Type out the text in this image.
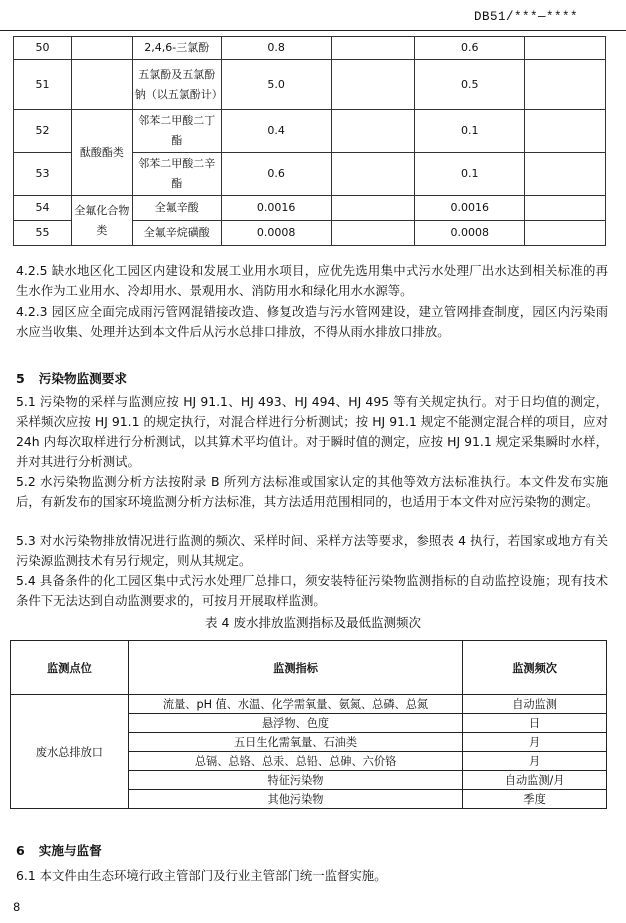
DB51/***—****
50		2,4,6-三氯酚	0.8		0.6	
51		五氯酚及五氯酚钠（以五氯酚计）	5.0		0.5	
52	酞酸酯类	邻苯二甲酸二丁酯	0.4		0.1	
53		邻苯二甲酸二辛酯	0.6		0.1	
54	全氟化合物类	全氟辛酸	0.0016		0.0016	
55		全氟辛烷磺酸	0.0008		0.0008	

4.2.5 缺水地区化工园区内建设和发展工业用水项目，应优先选用集中式污水处理厂出水达到相关标准的再生水作为工业用水、冷却用水、景观用水、消防用水和绿化用水水源等。

4.2.3 园区应全面完成雨污管网混错接改造、修复改造与污水管网建设，建立管网排查制度，园区内污染雨水应当收集、处理并达到本文件后从污水总排口排放，不得从雨水排放口排放。

5 污染物监测要求

5.1 污染物的采样与监测应按 HJ 91.1、HJ 493、HJ 494、HJ 495 等有关规定执行。对于日均值的测定，采样频次应按 HJ 91.1 的规定执行，对混合样进行分析测试；按 HJ 91.1 规定不能测定混合样的项目，应对 24h 内每次取样进行分析测试，以其算术平均值计。对于瞬时值的测定，应按 HJ 91.1 规定采集瞬时水样，并对其进行分析测试。

5.2 水污染物监测分析方法按附录 B 所列方法标准或国家认定的其他等效方法标准执行。本文件发布实施后，有新发布的国家环境监测分析方法标准，其方法适用范围相同的，也适用于本文件对应污染物的测定。

5.3 对水污染物排放情况进行监测的频次、采样时间、采样方法等要求，参照表 4 执行，若国家或地方有关污染源监测技术有另行规定，则从其规定。

5.4 具备条件的化工园区集中式污水处理厂总排口，须安装特征污染物监测指标的自动监控设施；现有技术条件下无法达到自动监测要求的，可按月开展取样监测。

表 4 废水排放监测指标及最低监测频次
监测点位	监测指标	监测频次
废水总排放口	流量、pH 值、水温、化学需氧量、氨氮、总磷、总氮	自动监测
	悬浮物、色度	日
	五日生化需氧量、石油类	月
	总镉、总铬、总汞、总铅、总砷、六价铬	月
	特征污染物	自动监测/月
	其他污染物	季度
6 实施与监督

6.1 本文件由生态环境行政主管部门及行业主管部门统一监督实施。

8
